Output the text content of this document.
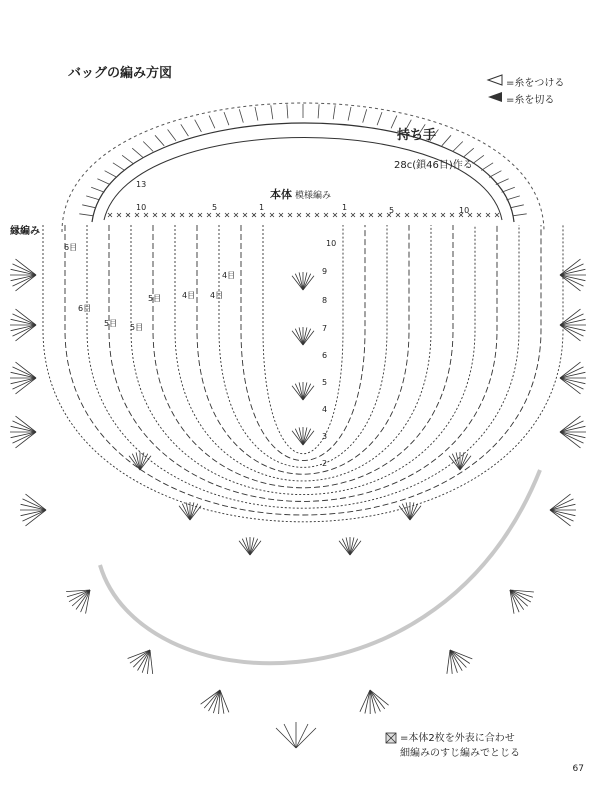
バッグの編み方図
=糸をつける
=糸を切る
持ち手
28c(鎖46目)作る
本体 模様編み
縁編み
13
10	5	1	1	5	10
10
9
8
7
6
5
4
3
2
4目
4目 4目
5目
5目
5目
6目
6目
=本体2枚を外表に合わせ
細編みのすじ編みでとじる
67
